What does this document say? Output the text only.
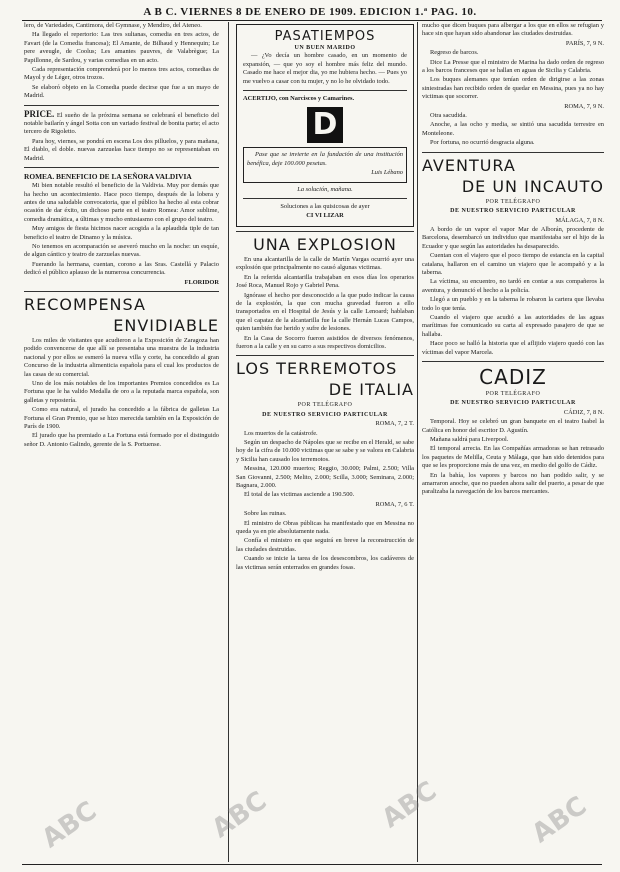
A B C. VIERNES 8 DE ENERO DE 1909. EDICION 1.ª PAG. 10.

lero, de Variedades, Cantimora, del Gymnase, y Mendiro, del Ateneo.

Ha llegado el repertorio: Las tres sultanas, comedia en tres actos, de Favart (de la Comedia francesa); El Amante, de Bilhaud y Hennequin; Le pere aveugle, de Coolus; Les amantes pauvres, de Valabrègue; La Papillonne, de Sardou, y varias comedias en un acto.

Cada representación comprenderá por lo menos tres actos, comedias de Mayol y de Léger, otros trozos.

Se elaboró objeto en la Comedia puede decirse que fue a un mayo de Madrid.

PRICE. El sueño de la próxima semana se celebrará el beneficio del notable bailarín y ángel Sotta con un variado festival de bonita parte; el acto tercero de Rigoletto.

Para hoy, viernes, se pondrá en escena Los dos pilluelos, y para mañana, El diablo, el doble. nuevas zarzuelas hace tiempo no se representaban en Madrid.

ROMEA. BENEFICIO DE LA SEÑORA VALDIVIA

Mi bien notable resultó el beneficio de la Valdivia. Muy por demás que ha hecho un acontecimiento. Hace poco tiempo, después de la lobera y antes de una saludable convocatoria, que el público ha hecho al esta cobrar ocasión de dar éxito, un dichoso parte en el teatro Romea: Amor sublime, comedia dramática, a últimas y mucho entusiasmo con el grupo del teatro.

Muy amigos de fiesta hicimos nacer acogida a la aplaudida tiple de tan beneficio el teatro de Dinamo y la música.

No tenemos en acomparación se aseveró mucho en la noche: un esquíe, de algun cántico y teatro de zarzuelas nuevas.

Fuerando la hermana, cuentan, corono a las Sras. Castellá y Palacio dedicó el público aplauso de la numerosa concurrencia.

FLORIDOR

RECOMPENSA
ENVIDIABLE

Los miles de visitantes que acudieron a la Exposición de Zaragoza han podido convencerse de que allí se presentaba una muestra de la industria nacional y por ellos se esmeró la nueva villa y corte, ha concedido al gran Concurso de la industria alimenticia española para el cual los productos de las casas de su comercial.

Uno de los más notables de los importantes Premios concedidos es La Fortuna que le ha valido Medalla de oro a la reputada marca española, son galletas y repostería.

Como era natural, el jurado ha concedido a la fábrica de galletas La Fortuna el Gran Premio, que se hizo merecida también en la Exposición de París de 1900.

El jurado que ha premiado a La Fortuna está formado por el distinguido señor D. Antonio Galindo, gerente de la S. Portuense.

PASATIEMPOS
UN BUEN MARIDO

— ¿Vo decía un hombre casado, en un momento de expansión, — que yo soy el hombre más feliz del mundo. Casado me hace el mejor dia, yo me hubiera hecho. — Pues yo me vuelvo a casar con tu mujer, y no lo he olvidado todo.

ACERTIJO, con Narciscos y Camarines.

D

Pase que se invierte en la fundación de una institución benéfica, deje 100.000 pesetas.

Luis Lébano

La solución, mañana.

Soluciones a las quisicosas de ayer

CI VI LIZAR

UNA EXPLOSION

En una alcantarilla de la calle de Martín Vargas ocurrió ayer una explosión que principalmente no causó algunas victimas.

En la referida alcantarilla trabajaban en esos días los operarios José Roca, Manuel Rojo y Gabriel Pena.

Ignórase el hecho por desconocido a la que pudo indicar la causa de la explosión, la que con mucha gravedad fueron a ello transportados en el Hospital de Jesús y la calle Lenoard; hablaban que el capataz de la alcantarilla fue la calle Hernán Lucas Campos, quien también fue herido y sufre de lesiones.

En la Casa de Socorro fueron asistidos de diversos fenómenos, fueron a la calle y en su carro a sus respectivos domicilios.

LOS TERREMOTOS
DE ITALIA

POR TELÉGRAFO

DE NUESTRO SERVICIO PARTICULAR

ROMA, 7, 2 T.

Los muertos de la catástrofe.

Según un despacho de Nápoles que se recibe en el Herald, se sabe hoy de la cifra de 10.000 victimas que se sabe y se valora en Calabria y Sicilia han causado los terremotos.

Messina, 120.000 muertos; Reggio, 30.000; Palmi, 2.500; Villa San Giovanni, 2.500; Melito, 2.000; Scilla, 3.000; Seminara, 2.000; Bagnara, 2.000.

El total de las victimas asciende a 190.500.

ROMA, 7, 6 T.

Sobre las ruinas.

El ministro de Obras públicas ha manifestado que en Messina no queda ya en pie absolutamente nada.

Confía el ministro en que seguirá en breve la reconstrucción de las ciudades destruidas.

Cuando se inicie la tarea de los desescombros, los cadáveres de las victimas serán enterrados en grandes fosas.

mucho que dicen buques para albergar a los que en ellos se refugian y hace sin que hayan sido abandonar las ciudades destruidas.

PARÍS, 7, 9 N.

Regreso de barcos.

Dice La Presse que el ministro de Marina ha dado orden de regreso a los barcos franceses que se hallan en aguas de Sicilia y Calabria.

Los buques alemanes que tenían orden de dirigirse a las zonas siniestradas han recibido orden de quedar en Messina, pues ya no hay victimas que socorrer.

ROMA, 7, 9 N.

Otra sacudida.

Anoche, a las ocho y media, se sintió una sacudida terrestre en Monteleone.

Por fortuna, no ocurrió desgracia alguna.

AVENTURA
DE UN INCAUTO

POR TELÉGRAFO

DE NUESTRO SERVICIO PARTICULAR

MÁLAGA, 7, 8 N.

A bordo de un vapor el vapor Mar de Alborán, procedente de Barcelona, desembarcó un individuo que manifestaba ser el hijo de la Ecuador y que según las autoridades ha desaparecido.

Cuentan con el viajero que el poco tiempo de estancia en la capital catalana, hallaron en el camino un viajero que le acompañó y a la taberna.

La víctima, su encuentro, no tardó en contar a sus compañeros la aventura, y denunció el hecho a la policía.

Llegó a un pueblo y en la taberna le robaron la cartera que llevaba todo lo que tenía.

Cuando el viajero que acudió a las autoridades de las aguas marítimas fue comunicado su carta al expresado pasajero de que se hallaba.

Hace poco se halló la historia que el aflijido viajero quedó con las víctimas del vapor Marcela.

CADIZ

POR TELÉGRAFO

DE NUESTRO SERVICIO PARTICULAR

CÁDIZ, 7, 8 N.

Temporal. Hoy se celebró un gran banquete en el teatro Isabel la Católica en honor del escritor D. Agustín.

Mañana saldrá para Liverpool.

El temporal arrecia. En las Compañías armadoras se han retrasado los paquetes de Melilla, Ceuta y Málaga, que han sido detenidos para que se les proporcione más de una vez, en medio del golfo de Cádiz.

En la bahía, los vapores y barcos no han podido salir, y se amarraron anoche, que no pueden ahora salir del puerto, a pesar de que paralizaba la navegación de los barcos mercantes.

ABC	ABC	ABC	ABC
